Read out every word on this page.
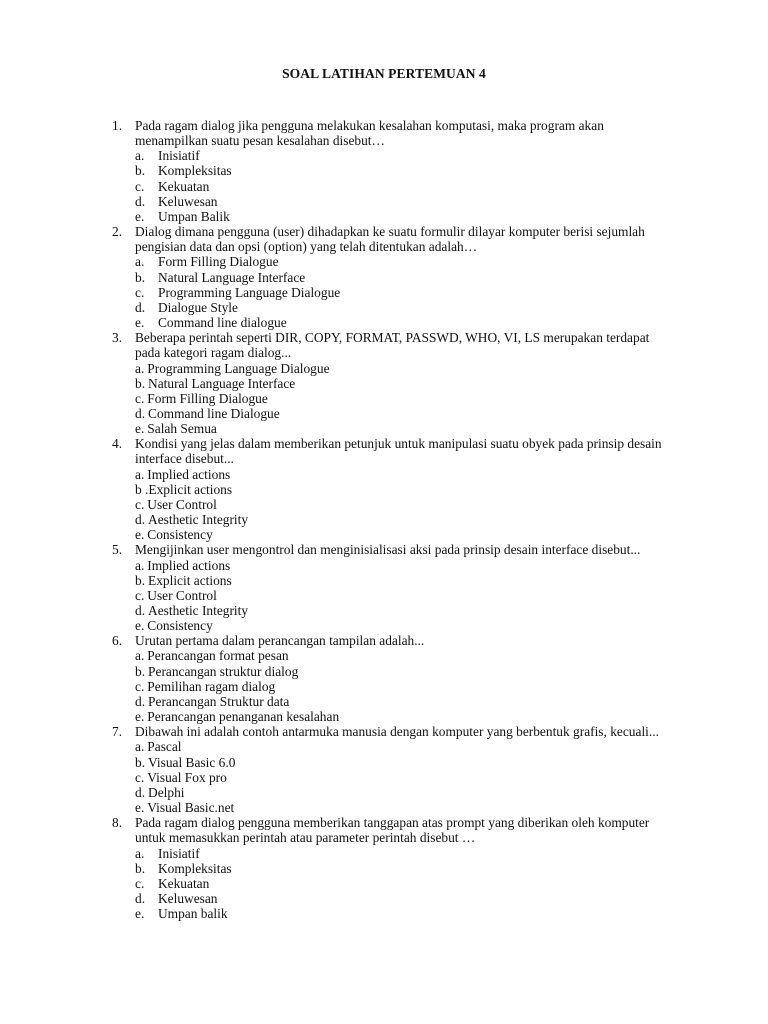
SOAL LATIHAN PERTEMUAN 4
1. Pada ragam dialog jika pengguna melakukan kesalahan komputasi, maka program akan menampilkan suatu pesan kesalahan disebut…
a. Inisiatif
b. Kompleksitas
c. Kekuatan
d. Keluwesan
e. Umpan Balik
2. Dialog dimana pengguna (user) dihadapkan ke suatu formulir dilayar komputer berisi sejumlah pengisian data dan opsi (option) yang telah ditentukan adalah…
a. Form Filling Dialogue
b. Natural Language Interface
c. Programming Language Dialogue
d. Dialogue Style
e. Command line dialogue
3. Beberapa perintah seperti DIR, COPY, FORMAT, PASSWD, WHO, VI, LS merupakan terdapat pada kategori ragam dialog...
a. Programming Language Dialogue
b. Natural Language Interface
c. Form Filling Dialogue
d. Command line Dialogue
e. Salah Semua
4. Kondisi yang jelas dalam memberikan petunjuk untuk manipulasi suatu obyek pada prinsip desain interface disebut...
a. Implied actions
b .Explicit actions
c. User Control
d. Aesthetic Integrity
e. Consistency
5. Mengijinkan user mengontrol dan menginisialisasi aksi pada prinsip desain interface disebut...
a. Implied actions
b. Explicit actions
c. User Control
d. Aesthetic Integrity
e. Consistency
6. Urutan pertama dalam perancangan tampilan adalah...
a. Perancangan format pesan
b. Perancangan struktur dialog
c. Pemilihan ragam dialog
d. Perancangan Struktur data
e. Perancangan penanganan kesalahan
7. Dibawah ini adalah contoh antarmuka manusia dengan komputer yang berbentuk grafis, kecuali...
a. Pascal
b. Visual Basic 6.0
c. Visual Fox pro
d. Delphi
e. Visual Basic.net
8. Pada ragam dialog pengguna memberikan tanggapan atas prompt yang diberikan oleh komputer untuk memasukkan perintah atau parameter perintah disebut …
a. Inisiatif
b. Kompleksitas
c. Kekuatan
d. Keluwesan
e. Umpan balik
